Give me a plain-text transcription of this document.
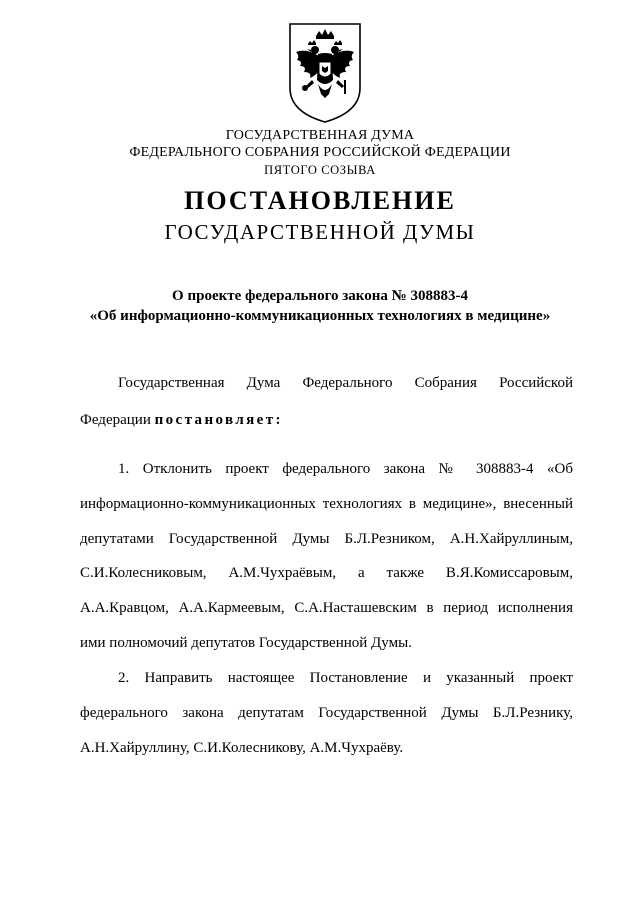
ГОСУДАРСТВЕННАЯ ДУМА
ФЕДЕРАЛЬНОГО СОБРАНИЯ РОССИЙСКОЙ ФЕДЕРАЦИИ
ПЯТОГО СОЗЫВА
ПОСТАНОВЛЕНИЕ
ГОСУДАРСТВЕННОЙ ДУМЫ
О проекте федерального закона № 308883-4
«Об информационно-коммуникационных технологиях в медицине»
Государственная Дума Федерального Собрания Российской
Федерации постановляет:
1. Отклонить проект федерального закона № 308883-4 «Об
информационно-коммуникационных технологиях в медицине», внесенный
депутатами Государственной Думы Б.Л.Резником, А.Н.Хайруллиным,
С.И.Колесниковым, А.М.Чухраёвым, а также В.Я.Комиссаровым,
А.А.Кравцом, А.А.Кармеевым, С.А.Насташевским в период исполнения
ими полномочий депутатов Государственной Думы.
2. Направить настоящее Постановление и указанный проект
федерального закона депутатам Государственной Думы Б.Л.Резнику,
А.Н.Хайруллину, С.И.Колесникову, А.М.Чухраёву.
